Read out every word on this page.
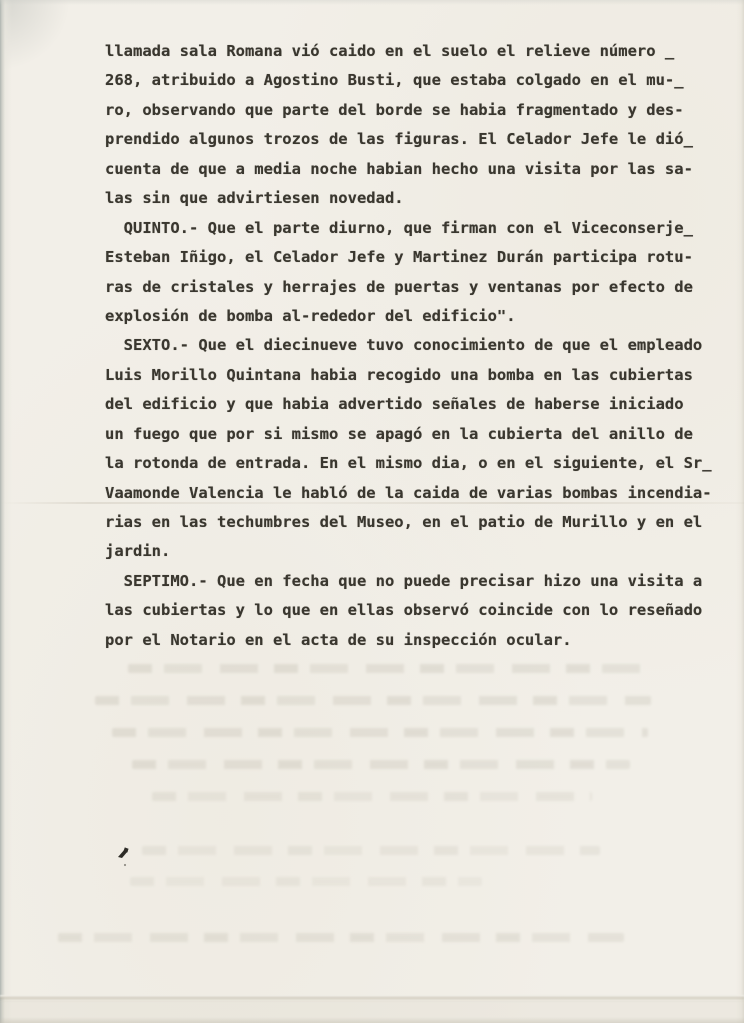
llamada sala Romana vió caido en el suelo el relieve número _
268, atribuido a Agostino Busti, que estaba colgado en el mu-_
ro, observando que parte del borde se habia fragmentado y des-
prendido algunos trozos de las figuras. El Celador Jefe le dió_
cuenta de que a media noche habian hecho una visita por las sa-
las sin que advirtiesen novedad.
QUINTO.- Que el parte diurno, que firman con el Viceconserje_
Esteban Iñigo, el Celador Jefe y Martinez Durán participa rotu-
ras de cristales y herrajes de puertas y ventanas por efecto de
explosión de bomba al-rededor del edificio".
SEXTO.- Que el diecinueve tuvo conocimiento de que el empleado
Luis Morillo Quintana habia recogido una bomba en las cubiertas
del edificio y que habia advertido señales de haberse iniciado
un fuego que por si mismo se apagó en la cubierta del anillo de
la rotonda de entrada. En el mismo dia, o en el siguiente, el Sr_
Vaamonde Valencia le habló de la caida de varias bombas incendia-
rias en las techumbres del Museo, en el patio de Murillo y en el
jardin.
SEPTIMO.- Que en fecha que no puede precisar hizo una visita a
las cubiertas y lo que en ellas observó coincide con lo reseñado
por el Notario en el acta de su inspección ocular.
